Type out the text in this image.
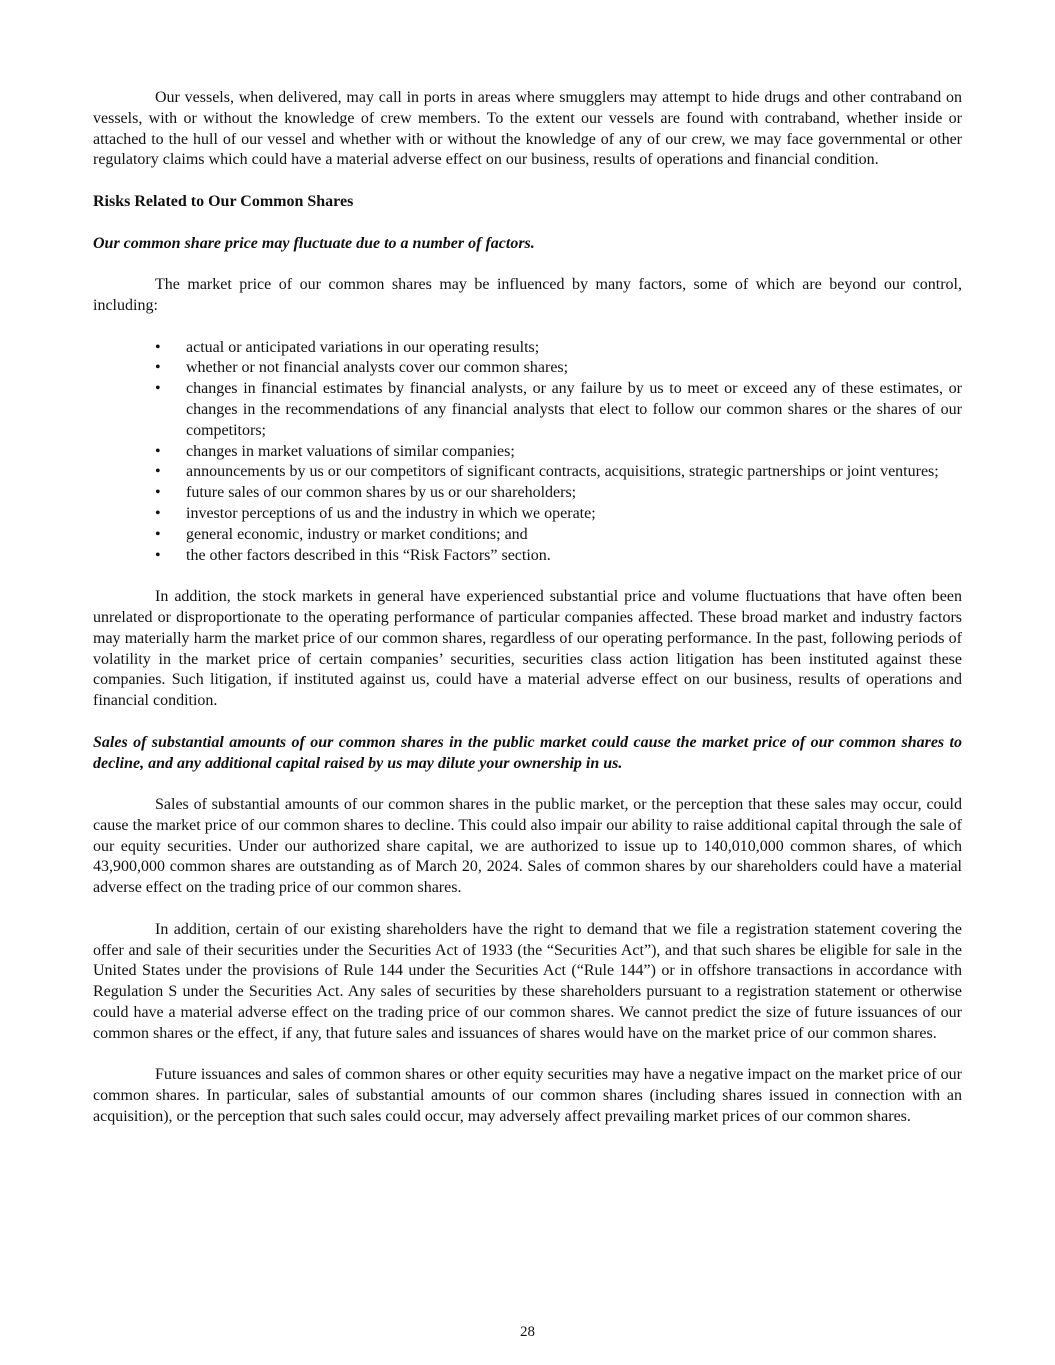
Our vessels, when delivered, may call in ports in areas where smugglers may attempt to hide drugs and other contraband on vessels, with or without the knowledge of crew members. To the extent our vessels are found with contraband, whether inside or attached to the hull of our vessel and whether with or without the knowledge of any of our crew, we may face governmental or other regulatory claims which could have a material adverse effect on our business, results of operations and financial condition.

Risks Related to Our Common Shares

Our common share price may fluctuate due to a number of factors.

The market price of our common shares may be influenced by many factors, some of which are beyond our control, including:

• actual or anticipated variations in our operating results;
• whether or not financial analysts cover our common shares;
• changes in financial estimates by financial analysts, or any failure by us to meet or exceed any of these estimates, or changes in the recommendations of any financial analysts that elect to follow our common shares or the shares of our competitors;
• changes in market valuations of similar companies;
• announcements by us or our competitors of significant contracts, acquisitions, strategic partnerships or joint ventures;
• future sales of our common shares by us or our shareholders;
• investor perceptions of us and the industry in which we operate;
• general economic, industry or market conditions; and
• the other factors described in this “Risk Factors” section.

In addition, the stock markets in general have experienced substantial price and volume fluctuations that have often been unrelated or disproportionate to the operating performance of particular companies affected. These broad market and industry factors may materially harm the market price of our common shares, regardless of our operating performance. In the past, following periods of volatility in the market price of certain companies’ securities, securities class action litigation has been instituted against these companies. Such litigation, if instituted against us, could have a material adverse effect on our business, results of operations and financial condition.

Sales of substantial amounts of our common shares in the public market could cause the market price of our common shares to decline, and any additional capital raised by us may dilute your ownership in us.

Sales of substantial amounts of our common shares in the public market, or the perception that these sales may occur, could cause the market price of our common shares to decline. This could also impair our ability to raise additional capital through the sale of our equity securities. Under our authorized share capital, we are authorized to issue up to 140,010,000 common shares, of which 43,900,000 common shares are outstanding as of March 20, 2024. Sales of common shares by our shareholders could have a material adverse effect on the trading price of our common shares.

In addition, certain of our existing shareholders have the right to demand that we file a registration statement covering the offer and sale of their securities under the Securities Act of 1933 (the “Securities Act”), and that such shares be eligible for sale in the United States under the provisions of Rule 144 under the Securities Act (“Rule 144”) or in offshore transactions in accordance with Regulation S under the Securities Act. Any sales of securities by these shareholders pursuant to a registration statement or otherwise could have a material adverse effect on the trading price of our common shares. We cannot predict the size of future issuances of our common shares or the effect, if any, that future sales and issuances of shares would have on the market price of our common shares.

Future issuances and sales of common shares or other equity securities may have a negative impact on the market price of our common shares. In particular, sales of substantial amounts of our common shares (including shares issued in connection with an acquisition), or the perception that such sales could occur, may adversely affect prevailing market prices of our common shares.

28
